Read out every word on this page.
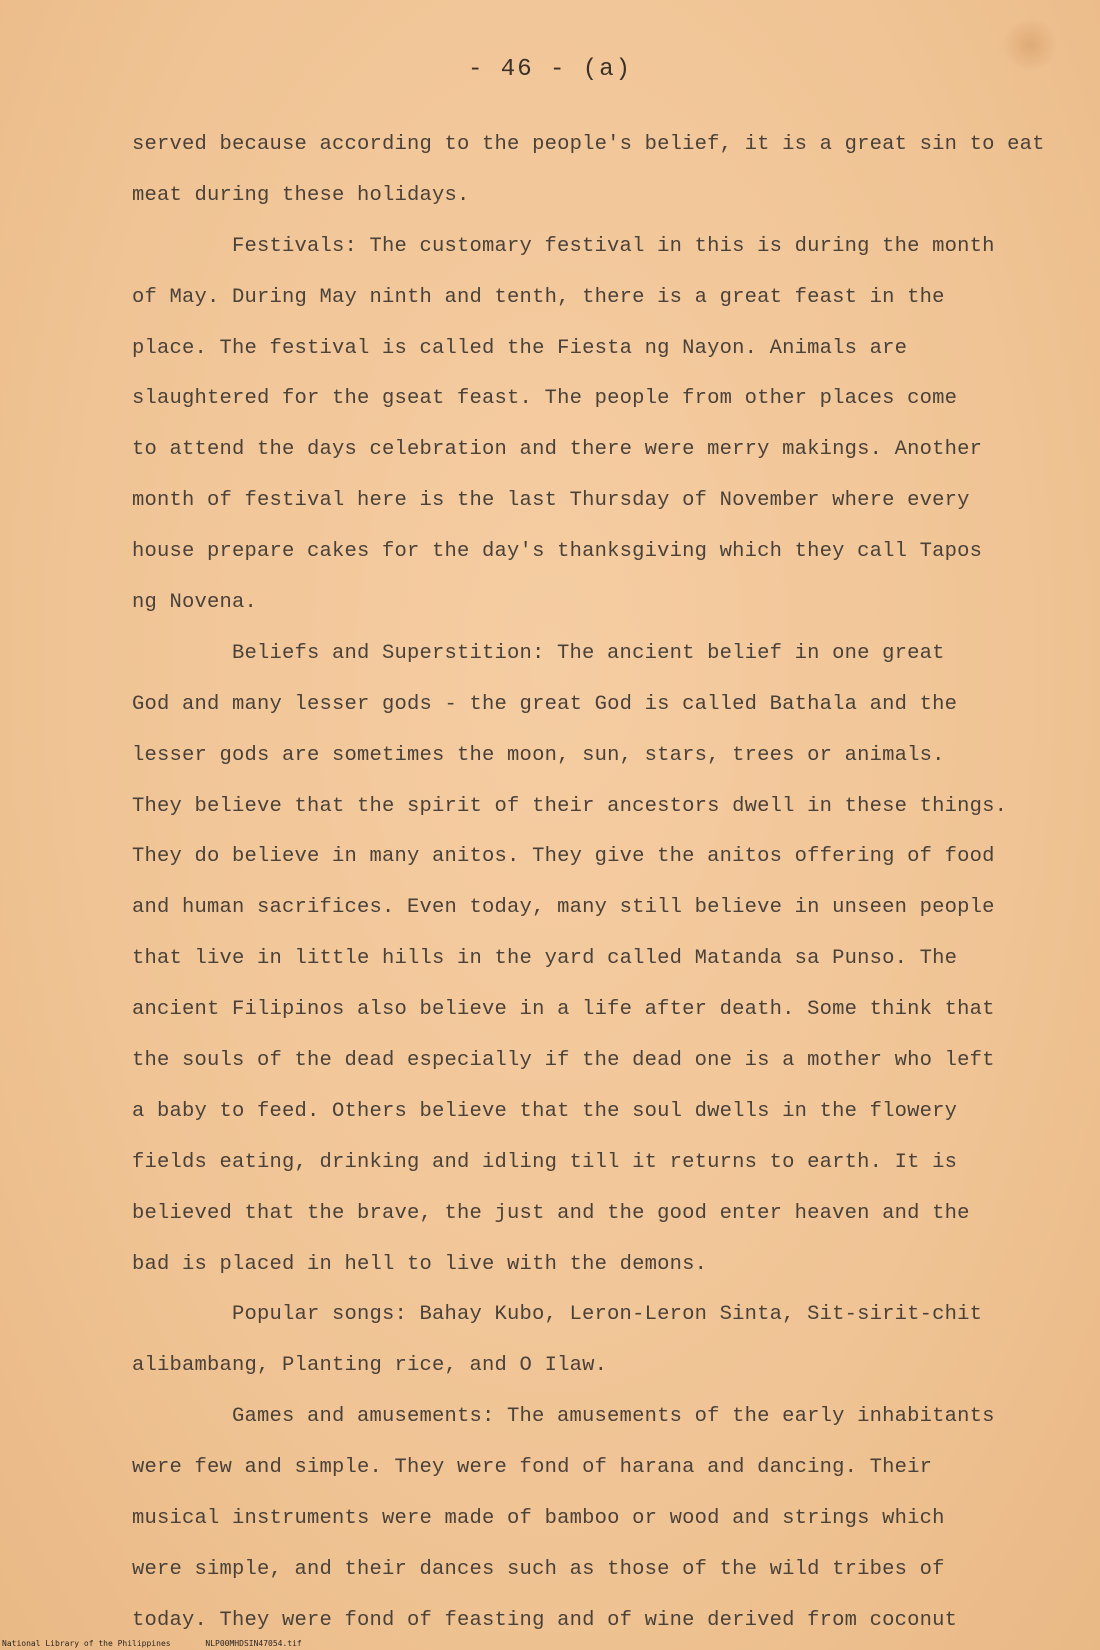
- 46 - (a)
served because according to the people's belief, it is a great sin to eat
meat during these holidays.
Festivals: The customary festival in this is during the month
of May. During May ninth and tenth, there is a great feast in the
place. The festival is called the Fiesta ng Nayon. Animals are
slaughtered for the gseat feast. The people from other places come
to attend the days celebration and there were merry makings. Another
month of festival here is the last Thursday of November where every
house prepare cakes for the day's thanksgiving which they call Tapos
ng Novena.
Beliefs and Superstition: The ancient belief in one great
God and many lesser gods - the great God is called Bathala and the
lesser gods are sometimes the moon, sun, stars, trees or animals.
They believe that the spirit of their ancestors dwell in these things.
They do believe in many anitos. They give the anitos offering of food
and human sacrifices. Even today, many still believe in unseen people
that live in little hills in the yard called Matanda sa Punso. The
ancient Filipinos also believe in a life after death. Some think that
the souls of the dead especially if the dead one is a mother who left
a baby to feed. Others believe that the soul dwells in the flowery
fields eating, drinking and idling till it returns to earth. It is
believed that the brave, the just and the good enter heaven and the
bad is placed in hell to live with the demons.
Popular songs: Bahay Kubo, Leron-Leron Sinta, Sit-sirit-chit
alibambang, Planting rice, and O Ilaw.
Games and amusements: The amusements of the early inhabitants
were few and simple. They were fond of harana and dancing. Their
musical instruments were made of bamboo or wood and strings which
were simple, and their dances such as those of the wild tribes of
today. They were fond of feasting and of wine derived from coconut
National Library of the Philippines	NLP00MHDSIN47054.tif
